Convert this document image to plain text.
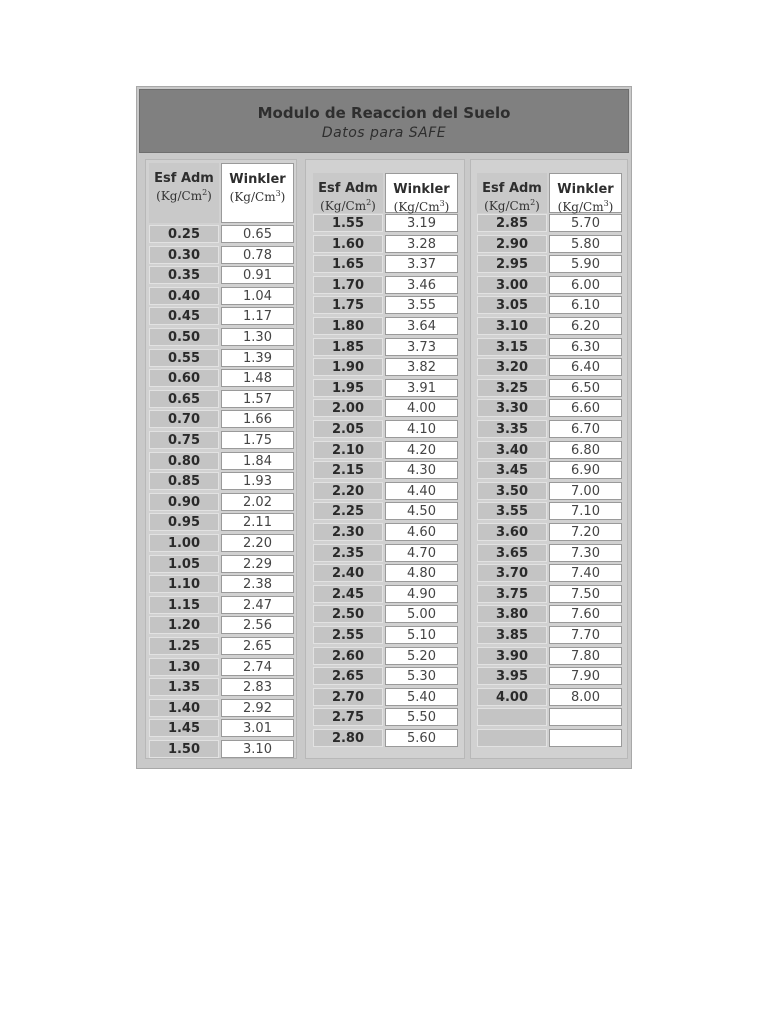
Modulo de Reaccion del Suelo
Datos para SAFE
Esf Adm
(Kg/Cm$^2$)
Winkler
(Kg/Cm$^3$)
0.25	0.65
0.30	0.78
0.35	0.91
0.40	1.04
0.45	1.17
0.50	1.30
0.55	1.39
0.60	1.48
0.65	1.57
0.70	1.66
0.75	1.75
0.80	1.84
0.85	1.93
0.90	2.02
0.95	2.11
1.00	2.20
1.05	2.29
1.10	2.38
1.15	2.47
1.20	2.56
1.25	2.65
1.30	2.74
1.35	2.83
1.40	2.92
1.45	3.01
1.50	3.10
Esf Adm
(Kg/Cm$^2$)
Winkler
(Kg/Cm$^3$)
1.55	3.19
1.60	3.28
1.65	3.37
1.70	3.46
1.75	3.55
1.80	3.64
1.85	3.73
1.90	3.82
1.95	3.91
2.00	4.00
2.05	4.10
2.10	4.20
2.15	4.30
2.20	4.40
2.25	4.50
2.30	4.60
2.35	4.70
2.40	4.80
2.45	4.90
2.50	5.00
2.55	5.10
2.60	5.20
2.65	5.30
2.70	5.40
2.75	5.50
2.80	5.60
Esf Adm
(Kg/Cm$^2$)
Winkler
(Kg/Cm$^3$)
2.85	5.70
2.90	5.80
2.95	5.90
3.00	6.00
3.05	6.10
3.10	6.20
3.15	6.30
3.20	6.40
3.25	6.50
3.30	6.60
3.35	6.70
3.40	6.80
3.45	6.90
3.50	7.00
3.55	7.10
3.60	7.20
3.65	7.30
3.70	7.40
3.75	7.50
3.80	7.60
3.85	7.70
3.90	7.80
3.95	7.90
4.00	8.00
